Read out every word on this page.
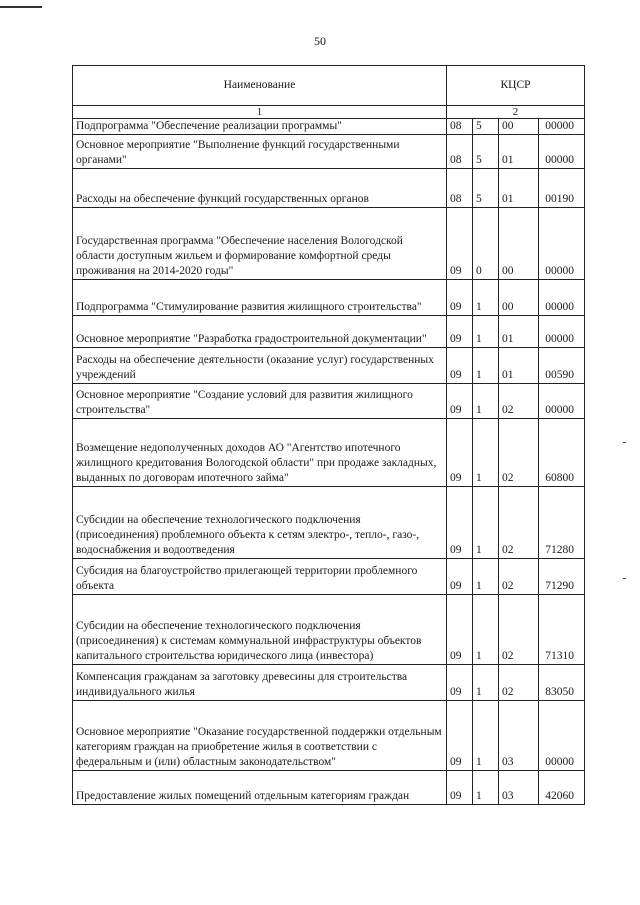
50
Наименование	КЦСР			
1	2			
Подпрограмма "Обеспечение реализации программы"	08	5	00	00000
Основное мероприятие "Выполнение функций государственными органами"	08	5	01	00000
Расходы на обеспечение функций государственных органов	08	5	01	00190
Государственная программа "Обеспечение населения Вологодской области доступным жильем и формирование комфортной среды проживания на 2014-2020 годы"	09	0	00	00000
Подпрограмма "Стимулирование развития жилищного строительства"	09	1	00	00000
Основное мероприятие "Разработка градостроительной документации"	09	1	01	00000
Расходы на обеспечение деятельности (оказание услуг) государственных учреждений	09	1	01	00590
Основное мероприятие "Создание условий для развития жилищного строительства"	09	1	02	00000
Возмещение недополученных доходов АО "Агентство ипотечного жилищного кредитования Вологодской области" при продаже закладных, выданных по договорам ипотечного займа"	09	1	02	60800
Субсидии на обеспечение технологического подключения (присоединения) проблемного объекта к сетям электро-, тепло-, газо-, водоснабжения и водоотведения	09	1	02	71280
Субсидия на благоустройство прилегающей территории проблемного объекта	09	1	02	71290
Субсидии на обеспечение технологического подключения (присоединения) к системам коммунальной инфраструктуры объектов капитального строительства юридического лица (инвестора)	09	1	02	71310
Компенсация гражданам за заготовку древесины для строительства индивидуального жилья	09	1	02	83050
Основное мероприятие "Оказание государственной поддержки отдельным категориям граждан на приобретение жилья в соответствии с федеральным и (или) областным законодательством"	09	1	03	00000
Предоставление жилых помещений отдельным категориям граждан	09	1	03	42060
